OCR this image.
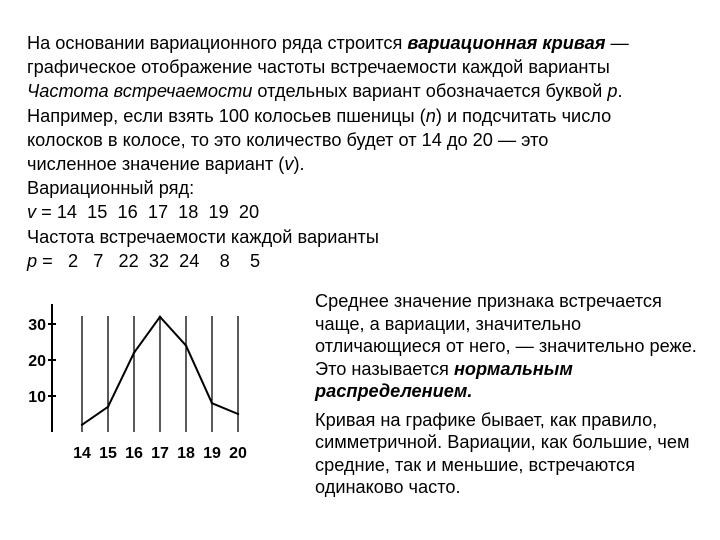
На основании вариационного ряда строится вариационная кривая —
графическое отображение частоты встречаемости каждой варианты
Частота встречаемости отдельных вариант обозначается буквой р.
Например, если взять 100 колосьев пшеницы (n) и подсчитать число
колосков в колосе, то это количество будет от 14 до 20 — это
численное значение вариант (v).
Вариационный ряд:
v = 14  15  16  17  18  19  20
Частота встречаемости каждой варианты
р =   2   7   22  32  24    8    5
10
20
30
14 15 16 17 18 19 20
Среднее значение признака встречается чаще, а вариации, значительно отличающиеся от него, — значительно реже. Это называется нормальным распределением.
Кривая на графике бывает, как правило, симметричной. Вариации, как большие, чем средние, так и меньшие, встречаются одинаково часто.
